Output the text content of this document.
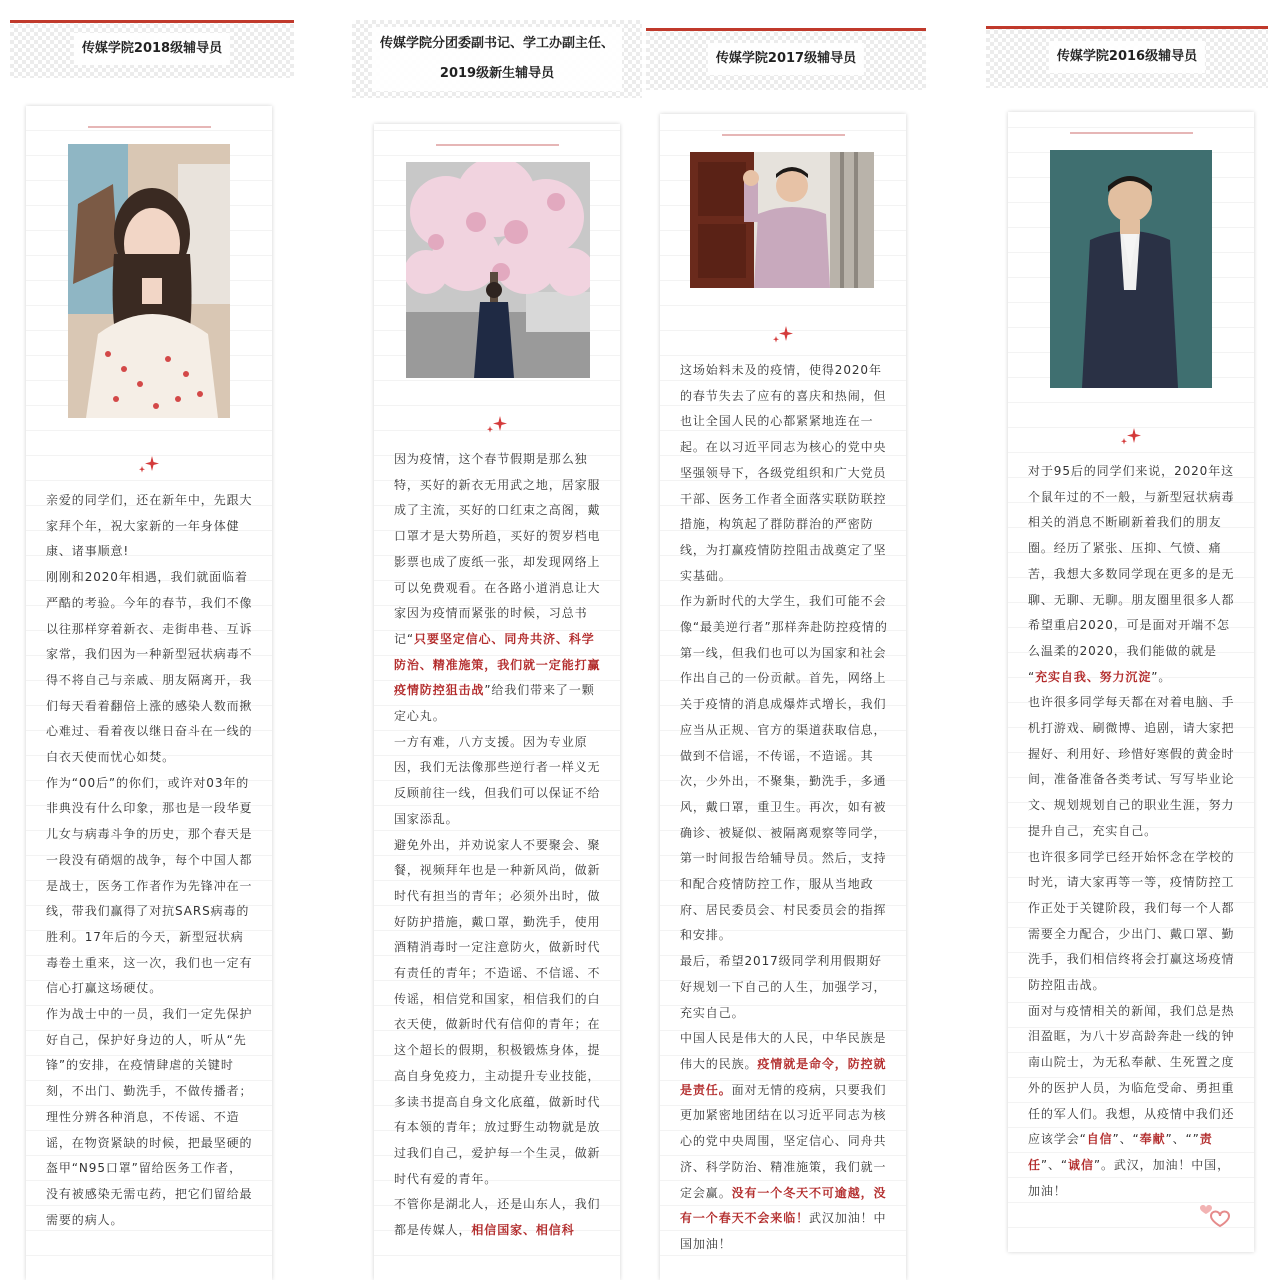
传媒学院2018级辅导员

亲爱的同学们，还在新年中，先跟大家拜个年，祝大家新的一年身体健康、诸事顺意!

刚刚和2020年相遇，我们就面临着严酷的考验。今年的春节，我们不像以往那样穿着新衣、走街串巷、互诉家常，我们因为一种新型冠状病毒不得不将自己与亲戚、朋友隔离开，我们每天看着翻倍上涨的感染人数而揪心难过、看着夜以继日奋斗在一线的白衣天使而忧心如焚。

作为“00后”的你们，或许对03年的非典没有什么印象，那也是一段华夏儿女与病毒斗争的历史，那个春天是一段没有硝烟的战争，每个中国人都是战士，医务工作者作为先锋冲在一线，带我们赢得了对抗SARS病毒的胜利。17年后的今天，新型冠状病毒卷土重来，这一次，我们也一定有信心打赢这场硬仗。

作为战士中的一员，我们一定先保护好自己，保护好身边的人，听从“先锋”的安排，在疫情肆虐的关键时刻，不出门、勤洗手，不做传播者；理性分辨各种消息，不传谣、不造谣，在物资紧缺的时候，把最坚硬的盔甲“N95口罩”留给医务工作者，没有被感染无需屯药，把它们留给最需要的病人。

传媒学院分团委副书记、学工办副主任、
2019级新生辅导员

因为疫情，这个春节假期是那么独特，买好的新衣无用武之地，居家服成了主流，买好的口红束之高阁，戴口罩才是大势所趋，买好的贺岁档电影票也成了废纸一张，却发现网络上可以免费观看。在各路小道消息让大家因为疫情而紧张的时候，习总书记“只要坚定信心、同舟共济、科学防治、精准施策，我们就一定能打赢疫情防控狙击战”给我们带来了一颗定心丸。

一方有难，八方支援。因为专业原因，我们无法像那些逆行者一样义无反顾前往一线，但我们可以保证不给国家添乱。

避免外出，并劝说家人不要聚会、聚餐，视频拜年也是一种新风尚，做新时代有担当的青年；必须外出时，做好防护措施，戴口罩，勤洗手，使用酒精消毒时一定注意防火，做新时代有责任的青年；不造谣、不信谣、不传谣，相信党和国家，相信我们的白衣天使，做新时代有信仰的青年；在这个超长的假期，积极锻炼身体，提高自身免疫力，主动提升专业技能，多读书提高自身文化底蕴，做新时代有本领的青年；放过野生动物就是放过我们自己，爱护每一个生灵，做新时代有爱的青年。

不管你是湖北人，还是山东人，我们都是传媒人，相信国家、相信科

传媒学院2017级辅导员

这场始料未及的疫情，使得2020年的春节失去了应有的喜庆和热闹，但也让全国人民的心都紧紧地连在一起。在以习近平同志为核心的党中央坚强领导下，各级党组织和广大党员干部、医务工作者全面落实联防联控措施，构筑起了群防群治的严密防线，为打赢疫情防控阻击战奠定了坚实基础。

作为新时代的大学生，我们可能不会像“最美逆行者”那样奔赴防控疫情的第一线，但我们也可以为国家和社会作出自己的一份贡献。首先，网络上关于疫情的消息成爆炸式增长，我们应当从正规、官方的渠道获取信息，做到不信谣，不传谣，不造谣。其次，少外出，不聚集，勤洗手，多通风，戴口罩，重卫生。再次，如有被确诊、被疑似、被隔离观察等同学，第一时间报告给辅导员。然后，支持和配合疫情防控工作，服从当地政府、居民委员会、村民委员会的指挥和安排。

最后，希望2017级同学利用假期好好规划一下自己的人生，加强学习，充实自己。

中国人民是伟大的人民，中华民族是伟大的民族。疫情就是命令，防控就是责任。面对无情的疫病，只要我们更加紧密地团结在以习近平同志为核心的党中央周围，坚定信心、同舟共济、科学防治、精准施策，我们就一定会赢。没有一个冬天不可逾越，没有一个春天不会来临！武汉加油！中国加油！

传媒学院2016级辅导员

对于95后的同学们来说，2020年这个鼠年过的不一般，与新型冠状病毒相关的消息不断刷新着我们的朋友圈。经历了紧张、压抑、气愤、痛苦，我想大多数同学现在更多的是无聊、无聊、无聊。朋友圈里很多人都希望重启2020，可是面对开端不怎么温柔的2020，我们能做的就是 “充实自我、努力沉淀”。

也许很多同学每天都在对着电脑、手机打游戏、刷微博、追剧，请大家把握好、利用好、珍惜好寒假的黄金时间，准备准备各类考试、写写毕业论文、规划规划自己的职业生涯，努力提升自己，充实自己。

也许很多同学已经开始怀念在学校的时光，请大家再等一等，疫情防控工作正处于关键阶段，我们每一个人都需要全力配合，少出门、戴口罩、勤洗手，我们相信终将会打赢这场疫情防控阻击战。

面对与疫情相关的新闻，我们总是热泪盈眶，为八十岁高龄奔赴一线的钟南山院士，为无私奉献、生死置之度外的医护人员，为临危受命、勇担重任的军人们。我想，从疫情中我们还应该学会“自信”、“奉献”、“”责任”、“诚信”。武汉，加油！中国，加油！
